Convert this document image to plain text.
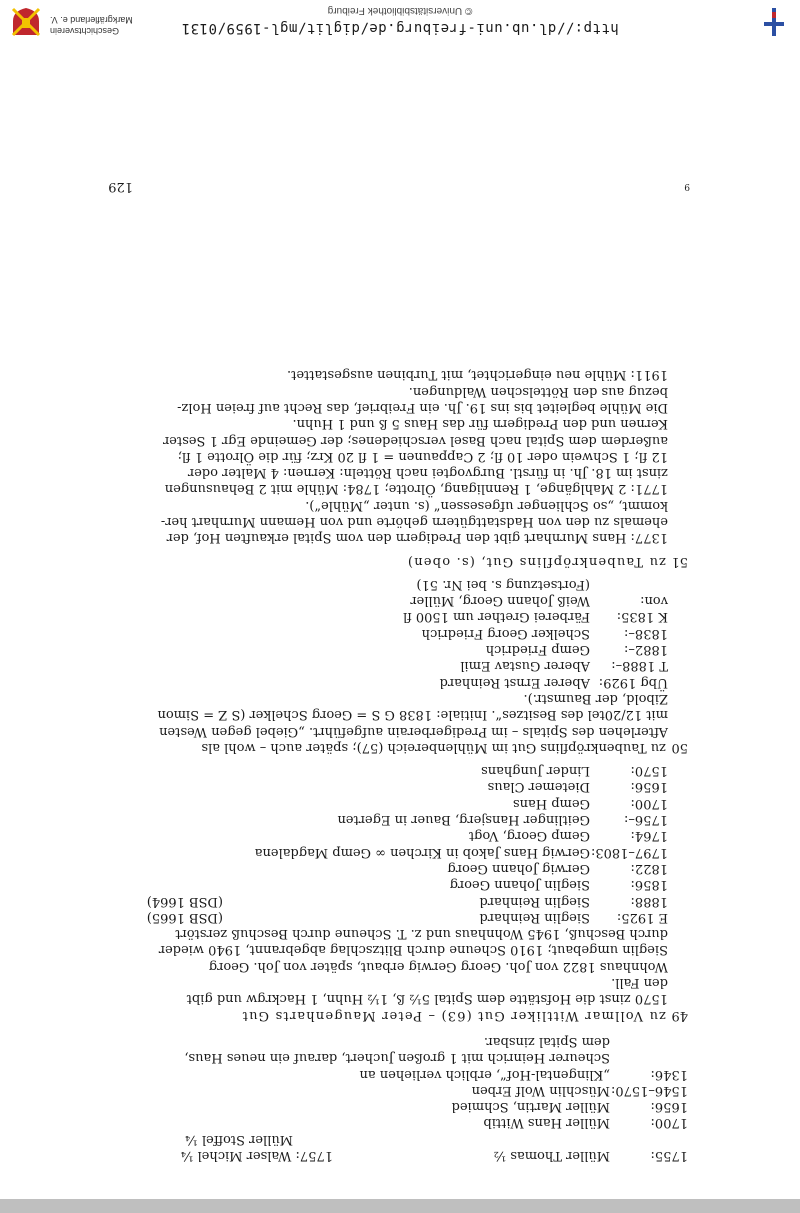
http://dl.ub.uni-freiburg.de/diglit/mgl-1959/0131
© Universitätsbibliothek Freiburg
Geschichtsverein
Markgräflerland e. V.
129	9
1755:
Müller Thomas ½
1757: Walser Michel ¼
Müller Stoffel ¼
1700:
Müller Hans Wittib
1656:
Müller Martin, Schmied
1546–1570:
Müschlin Wolf Erben
1346:
„Klingental-Hof“, erblich verliehen an
Scheurer Heinrich mit 1 großen Juchert, darauf ein neues Haus,
dem Spital zinsbar.
49zu Vollmar Wittliker Gut (63) – Peter Maugenharts Gut
1570 zinst die Hofstätte dem Spital 5½ ß, 1½ Huhn, 1 Hackrgw und gibt
den Fall.
Wohnhaus 1822 von Joh. Georg Gerwig erbaut, später von Joh. Georg
Sieglin umgebaut; 1910 Scheune durch Blitzschlag abgebrannt, 1940 wieder
durch Beschuß, 1945 Wohnhaus und z. T. Scheune durch Beschuß zerstört
E 1925:
Sieglin Reinhard
(DSB 1665)
1888:
Sieglin Reinhard
(DSB 1664)
1856:
Sieglin Johann Georg
1822:
Gerwig Johann Georg
1797–1803:
Gerwig Hans Jakob in Kirchen ∞ Gemp Magdalena
1764:
Gemp Georg, Vogt
1756–:
Geitlinger Hansjerg, Bauer in Egerten
1700:
Gemp Hans
1656:
Dietemer Claus
1570:
Linder Junghans
50zu Taubenkröpflins Gut im Mühlenbereich (57); später auch – wohl als
Afterlehen des Spitals – im Predigerberain aufgeführt. „Giebel gegen Westen
mit 12/20tel des Besitzes“. Initiale: 1838 G S = Georg Schelker (S Z = Simon
Zibold, der Baumstr.).
Übg 1929:
Aberer Ernst Reinhard
T 1888–:
Aberer Gustav Emil
1882–:
Gemp Friedrich
1838–:
Schelker Georg Friedrich
K 1835:
Färberei Grether um 1500 fl
von:
Weiß Johann Georg, Müller
(Fortsetzung s. bei Nr. 51)
51zu Taubenkröpflins Gut, (s. oben)
1377: Hans Murnhart gibt den Predigern den vom Spital erkauften Hof, der
ehemals zu den von Hadstattgütern gehörte und von Hemann Murnhart her-
kommt, „so Schlienger ufgesessen“ (s. unter „Mühle“).
1771: 2 Mahlgänge, 1 Rennligang, Ölrotte; 1784: Mühle mit 2 Behausungen
zinst im 18. Jh. in fürstl. Burgvogtei nach Rötteln: Kernen: 4 Malter oder
12 fl; 1 Schwein oder 10 fl; 2 Cappaunen = 1 fl 20 Krz; für die Ölrotte 1 fl;
außerdem dem Spital nach Basel verschiedenes; der Gemeinde Egr 1 Sester
Kernen und den Predigern für das Haus 5 ß und 1 Huhn.
Die Mühle begleitet bis ins 19. Jh. ein Freibrief, das Recht auf freien Holz-
bezug aus den Röttelschen Waldungen.
1911: Mühle neu eingerichtet, mit Turbinen ausgestattet.
